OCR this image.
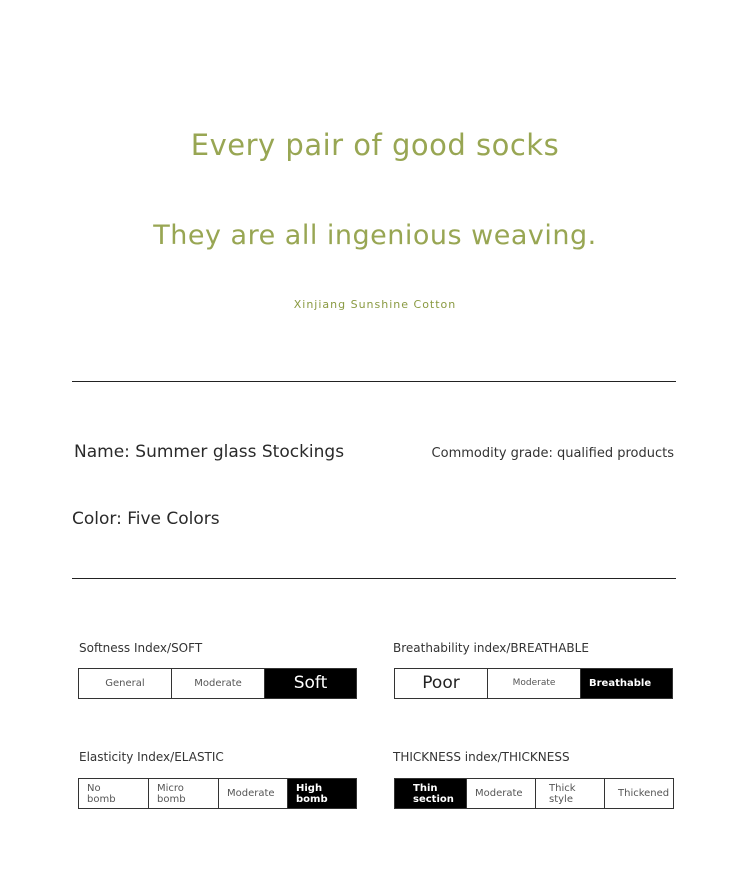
Every pair of good socks
They are all ingenious weaving.
Xinjiang Sunshine Cotton
Name: Summer glass Stockings	Commodity grade: qualified products
Color: Five Colors
Softness Index/SOFT
General	Moderate	Soft
Breathability index/BREATHABLE
Poor	Moderate	Breathable
Elasticity Index/ELASTIC
No bomb
Micro bomb	Moderate	High bomb
THICKNESS index/THICKNESS
Thin section	Moderate	Thick style	Thickened
